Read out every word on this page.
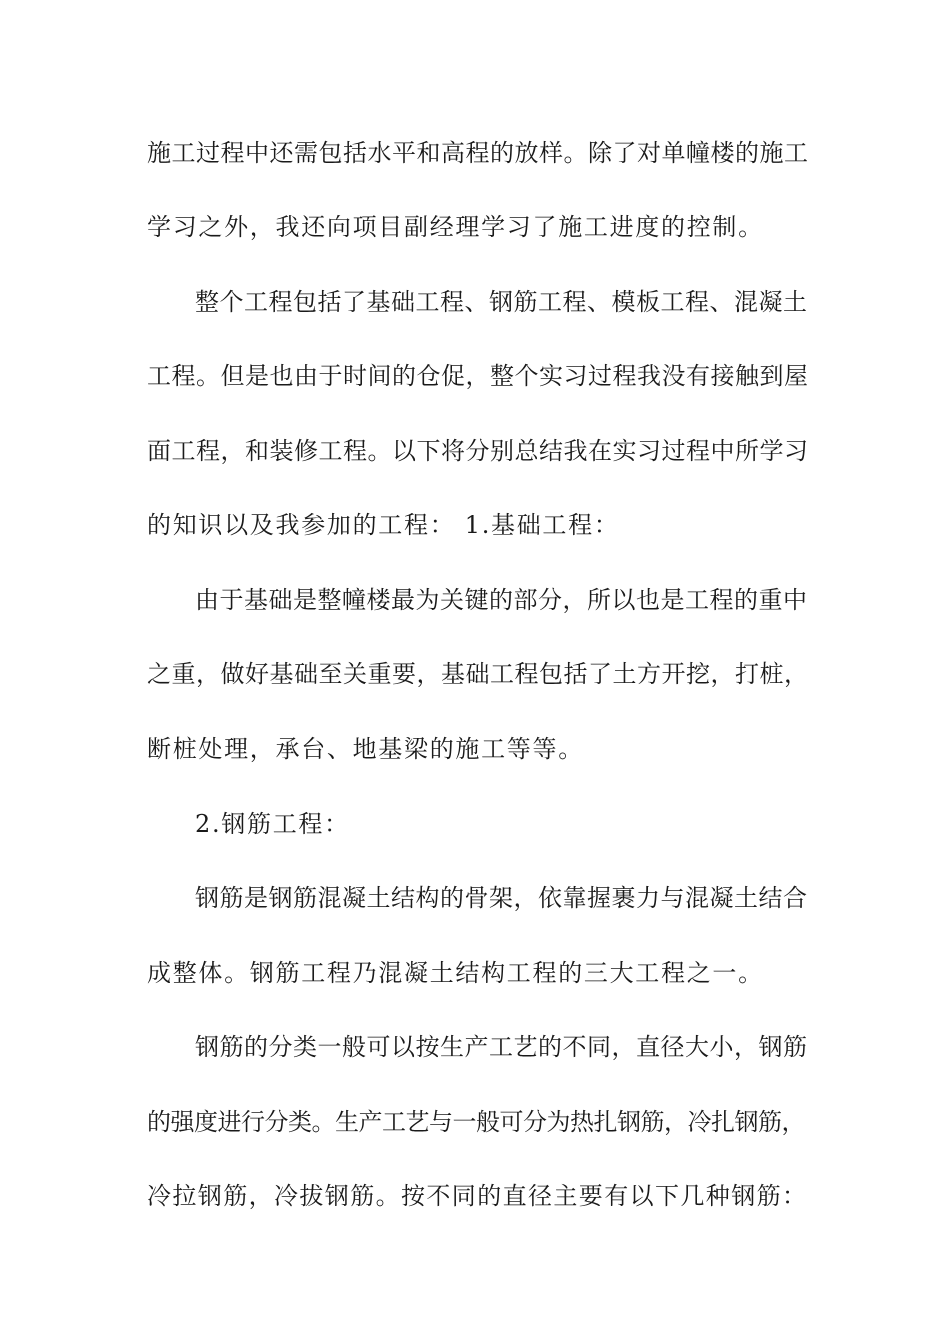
施工过程中还需包括水平和高程的放样。除了对单幢楼的施工
学习之外，我还向项目副经理学习了施工进度的控制。
整个工程包括了基础工程、钢筋工程、模板工程、混凝土
工程。但是也由于时间的仓促，整个实习过程我没有接触到屋
面工程，和装修工程。以下将分别总结我在实习过程中所学习
的知识以及我参加的工程： 1.基础工程：
由于基础是整幢楼最为关键的部分，所以也是工程的重中
之重，做好基础至关重要，基础工程包括了土方开挖，打桩，
断桩处理，承台、地基梁的施工等等。
2.钢筋工程：
钢筋是钢筋混凝土结构的骨架，依靠握裹力与混凝土结合
成整体。钢筋工程乃混凝土结构工程的三大工程之一。
钢筋的分类一般可以按生产工艺的不同，直径大小，钢筋
的强度进行分类。生产工艺与一般可分为热扎钢筋，冷扎钢筋，
冷拉钢筋，冷拔钢筋。按不同的直径主要有以下几种钢筋：
